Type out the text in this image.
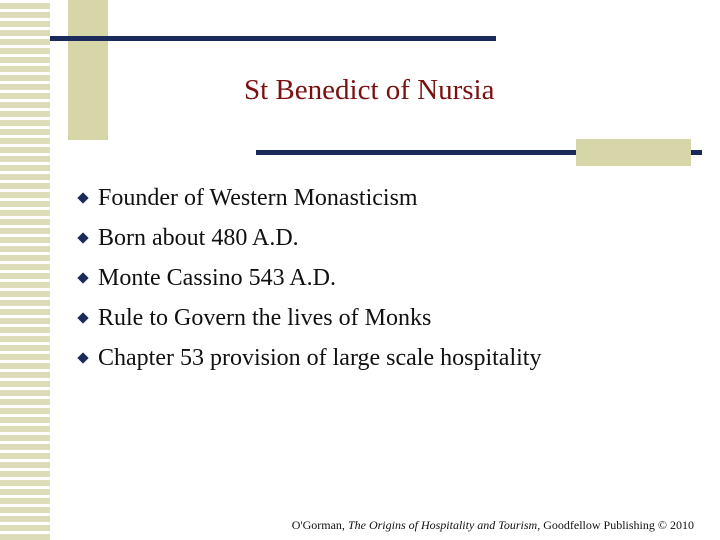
St Benedict of Nursia
Founder of Western Monasticism
Born about 480 A.D.
Monte Cassino 543 A.D.
Rule to Govern the lives of Monks
Chapter 53 provision of large scale hospitality
O'Gorman, The Origins of Hospitality and Tourism, Goodfellow Publishing © 2010
